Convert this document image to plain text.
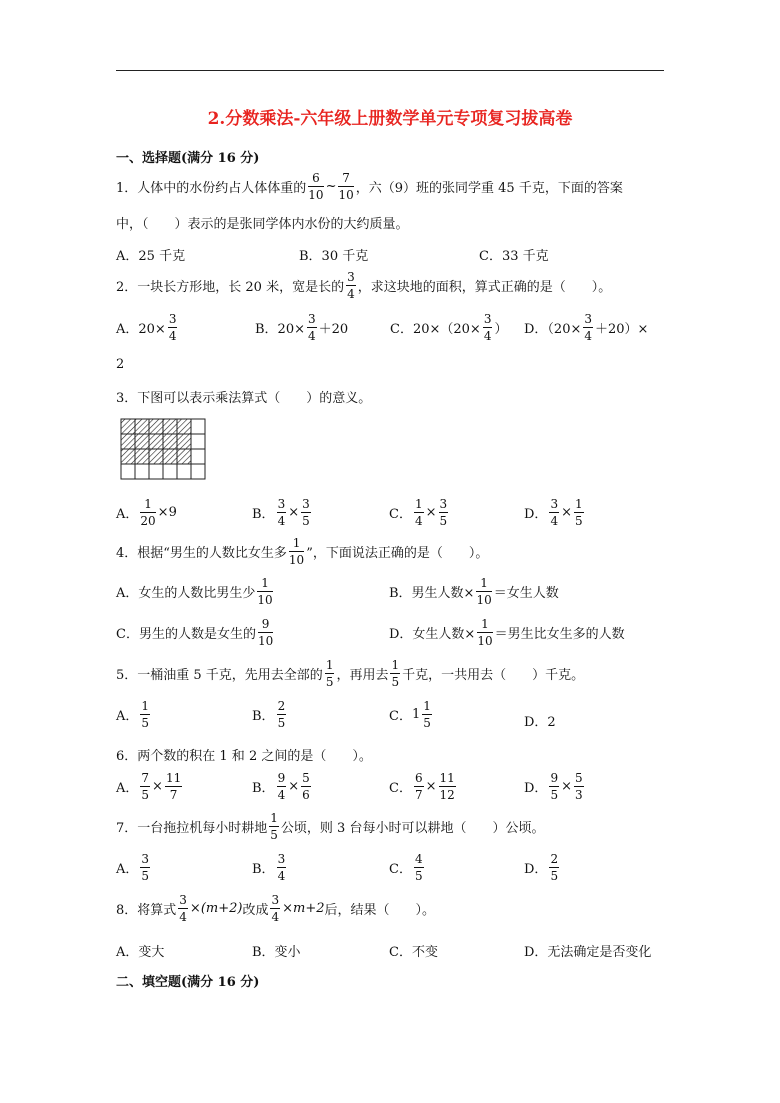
2.分数乘法-六年级上册数学单元专项复习拔高卷
一、选择题(满分 16 分)
1．人体中的水份约占人体体重的 $\frac{6}{10}$ ~ $\frac{7}{10}$ ，六（9）班的张同学重 45 千克，下面的答案
中，（　　）表示的是张同学体内水份的大约质量。
A．25 千克	B．30 千克	C．33 千克
2．一块长方形地，长 20 米，宽是长的 $\frac{3}{4}$ ，求这块地的面积，算式正确的是（　　）。
A．$20\times \frac{3}{4}$	B．$20\times \frac{3}{4} +20$	C．$20\times(20\times \frac{3}{4}$ ） D．$(20\times \frac{3}{4} +20)\times$
2
3．下图可以表示乘法算式（　　）的意义。
A． $\frac{1}{20} \times 9$	B． $\frac{3}{4} \times \frac{3}{5}$	C． $\frac{1}{4} \times \frac{3}{5}$	D． $\frac{3}{4} \times \frac{1}{5}$
4．根据“男生的人数比女生多 $\frac{1}{10}$ ”，下面说法正确的是（　　）。
A．女生的人数比男生少 $\frac{1}{10}$	B．男生人数× $\frac{1}{10}$ ＝女生人数
C．男生的人数是女生的 $\frac{9}{10}$	D．女生人数× $\frac{1}{10}$ ＝男生比女生多的人数
5．一桶油重 5 千克，先用去全部的 $\frac{1}{5}$ ，再用去 $\frac{1}{5}$ 千克，一共用去（　　）千克。
A． $\frac{1}{5}$	B． $\frac{2}{5}$	C． $1 \frac{1}{5}$	D．2
6．两个数的积在 1 和 2 之间的是（　　）。
A． $\frac{7}{5} \times \frac{11}{7}$	B． $\frac{9}{4} \times \frac{5}{6}$	C． $\frac{6}{7} \times \frac{11}{12}$	D． $\frac{9}{5} \times \frac{5}{3}$
7．一台拖拉机每小时耕地 $\frac{1}{5}$ 公顷，则 3 台每小时可以耕地（　　）公顷。
A． $\frac{3}{5}$	B． $\frac{3}{4}$	C． $\frac{4}{5}$	D． $\frac{2}{5}$
8．将算式 $\frac{3}{4} \times(m+2)$ 改成 $\frac{3}{4} \times m+2$ 后，结果（　　）。
A．变大	B．变小	C．不变	D．无法确定是否变化
二、填空题(满分 16 分)
